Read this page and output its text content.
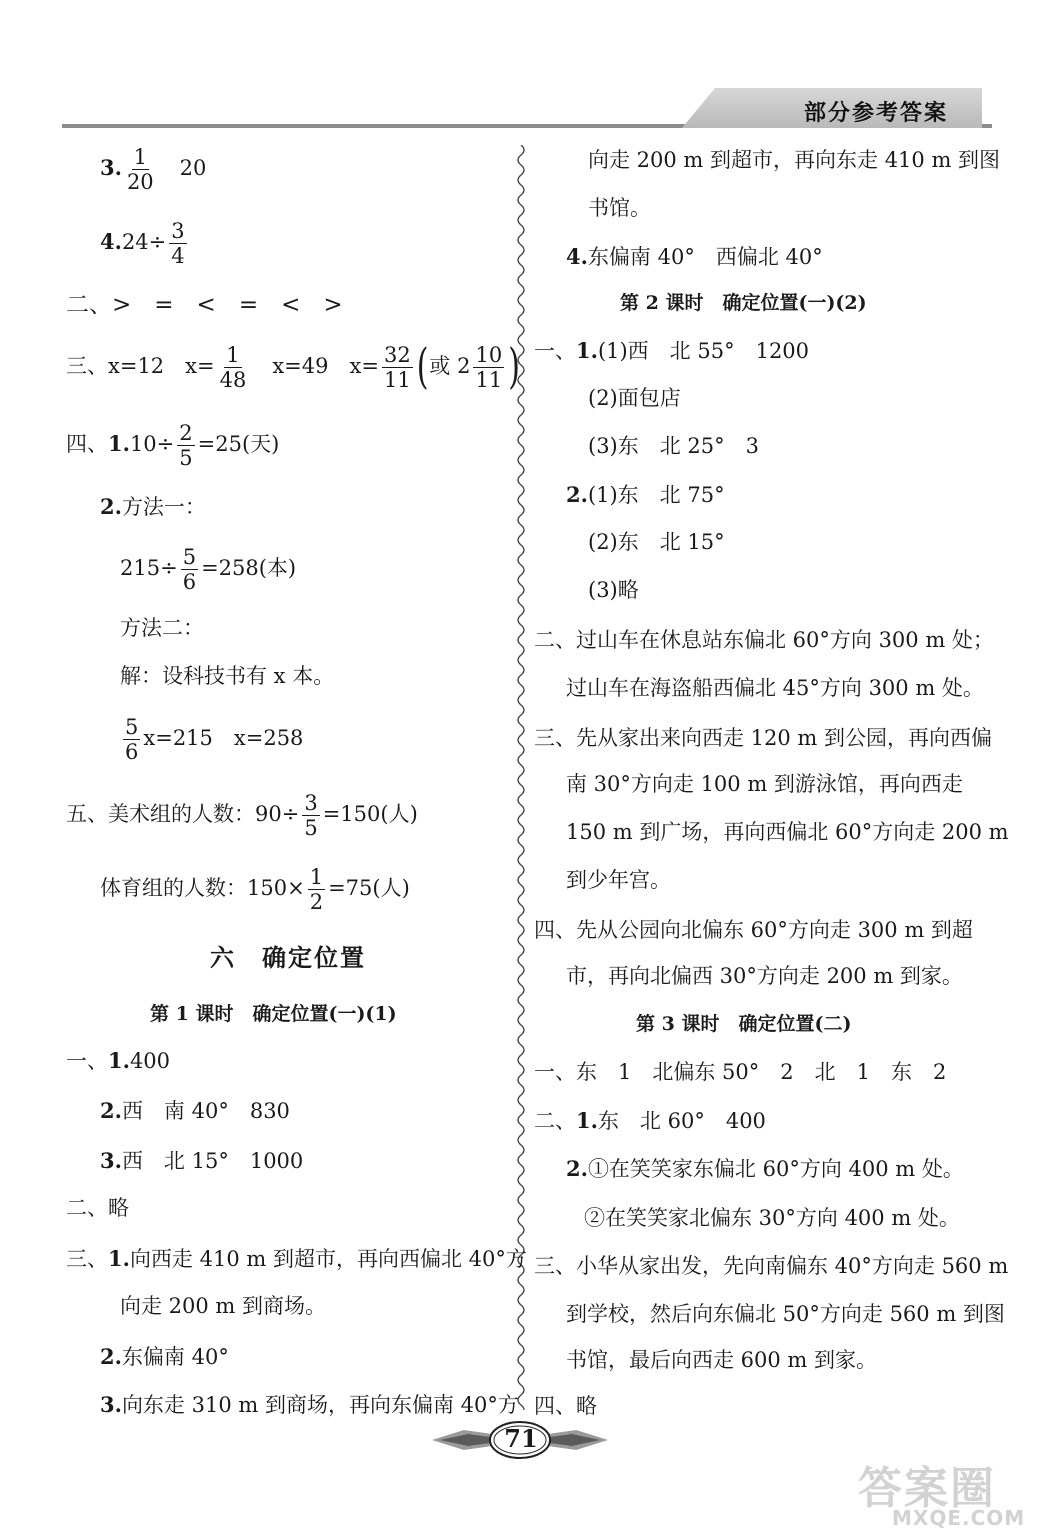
部分参考答案
3. $\frac{1}{20}$
　 20
$4.24\div \frac{3}{4}$
二、>　=　<　=　<　>
三、x=12　$x= \frac{1}{48}$ 　x=49　$x= \frac{32}{11}$ (或 $2 \frac{10}{11}$ )
四、$1.10\div \frac{2}{5} =25$(天)
2.方法一：
$215\div \frac{5}{6} =258$(本)
方法二：
解：设科技书有 x 本。
$\frac{5}{6} x=215$　x=258
五、美术组的人数：$90\div \frac{3}{5} =150$(人)
体育组的人数：$150\times \frac{1}{2} =75$(人)
六　确定位置
第 1 课时　确定位置(一)(1)
一、1.400
2.西　南 40°　830
3.西　北 15°　1000
二、略
三、1.向西走 410 m 到超市，再向西偏北 40°方
向走 200 m 到商场。
2.东偏南 40°
3.向东走 310 m 到商场，再向东偏南 40°方
向走 200 m 到超市，再向东走 410 m 到图
书馆。
4.东偏南 40°　西偏北 40°
第 2 课时　确定位置(一)(2)
一、1.(1)西　北 55°　1200
(2)面包店
(3)东　北 25°　3
2.(1)东　北 75°
(2)东　北 15°
(3)略
二、过山车在休息站东偏北 60°方向 300 m 处；
过山车在海盗船西偏北 45°方向 300 m 处。
三、先从家出来向西走 120 m 到公园，再向西偏
南 30°方向走 100 m 到游泳馆，再向西走
150 m 到广场，再向西偏北 60°方向走 200 m
到少年宫。
四、先从公园向北偏东 60°方向走 300 m 到超
市，再向北偏西 30°方向走 200 m 到家。
第 3 课时　确定位置(二)
一、东　1　北偏东 50°　2　北　1　东　2
二、1.东　北 60°　400
2.①在笑笑家东偏北 60°方向 400 m 处。
②在笑笑家北偏东 30°方向 400 m 处。
三、小华从家出发，先向南偏东 40°方向走 560 m
到学校，然后向东偏北 50°方向走 560 m 到图
书馆，最后向西走 600 m 到家。
四、略
71
答案圈
MXQE.COM
